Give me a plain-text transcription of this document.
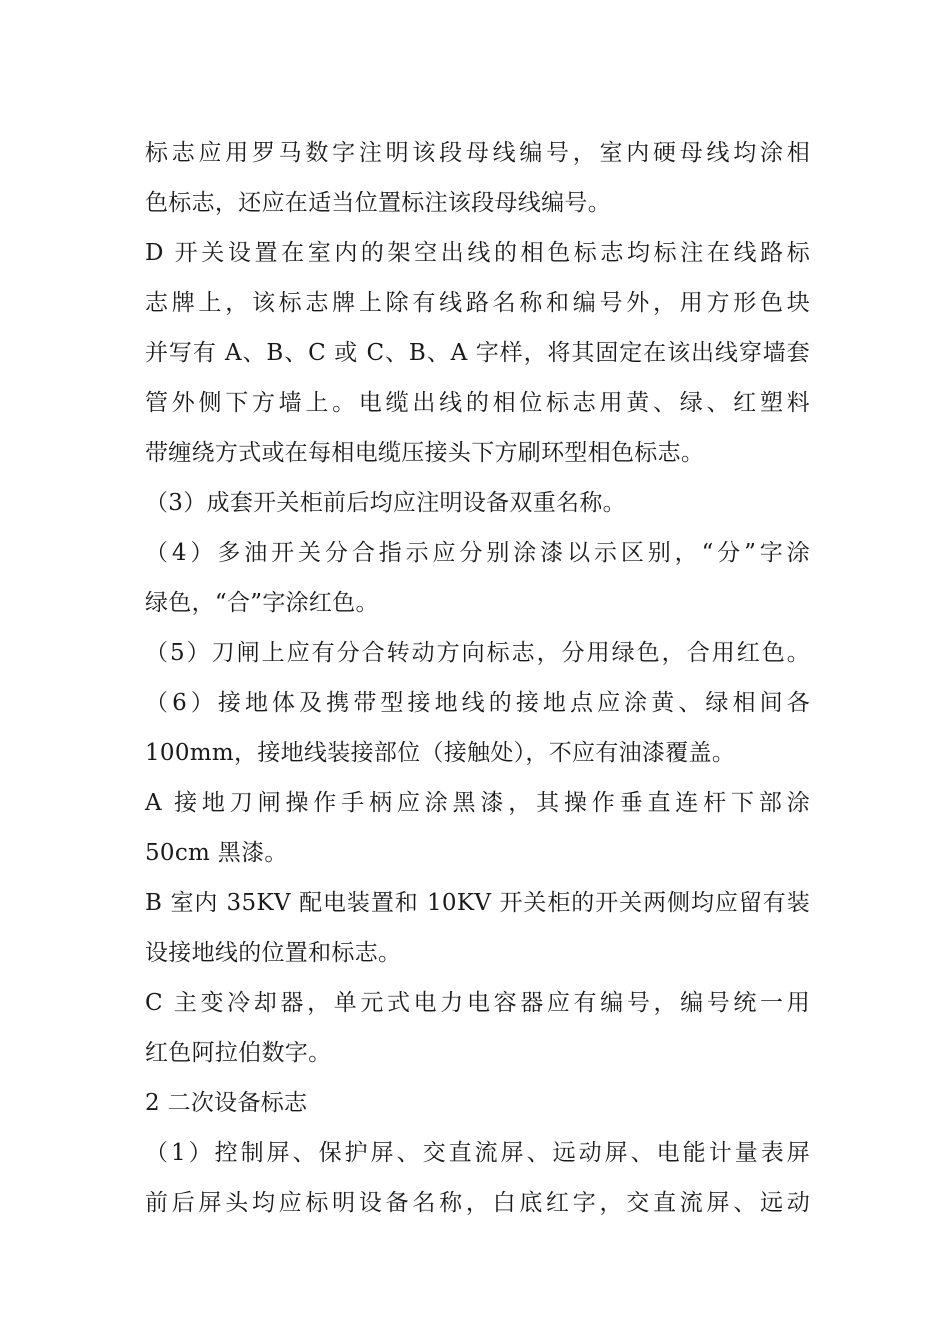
标志应用罗马数字注明该段母线编号，室内硬母线均涂相
色标志，还应在适当位置标注该段母线编号。
D 开关设置在室内的架空出线的相色标志均标注在线路标
志牌上，该标志牌上除有线路名称和编号外，用方形色块
并写有 A、B、C 或 C、B、A 字样，将其固定在该出线穿墙套
管外侧下方墙上。电缆出线的相位标志用黄、绿、红塑料
带缠绕方式或在每相电缆压接头下方刷环型相色标志。
（3）成套开关柜前后均应注明设备双重名称。
（4）多油开关分合指示应分别涂漆以示区别，“分”字涂
绿色，“合”字涂红色。
（5）刀闸上应有分合转动方向标志，分用绿色，合用红色。
（6）接地体及携带型接地线的接地点应涂黄、绿相间各
100mm，接地线装接部位（接触处），不应有油漆覆盖。
A 接地刀闸操作手柄应涂黑漆，其操作垂直连杆下部涂
50cm 黑漆。
B 室内 35KV 配电装置和 10KV 开关柜的开关两侧均应留有装
设接地线的位置和标志。
C 主变冷却器，单元式电力电容器应有编号，编号统一用
红色阿拉伯数字。
2 二次设备标志
（1）控制屏、保护屏、交直流屏、远动屏、电能计量表屏
前后屏头均应标明设备名称，白底红字，交直流屏、远动
